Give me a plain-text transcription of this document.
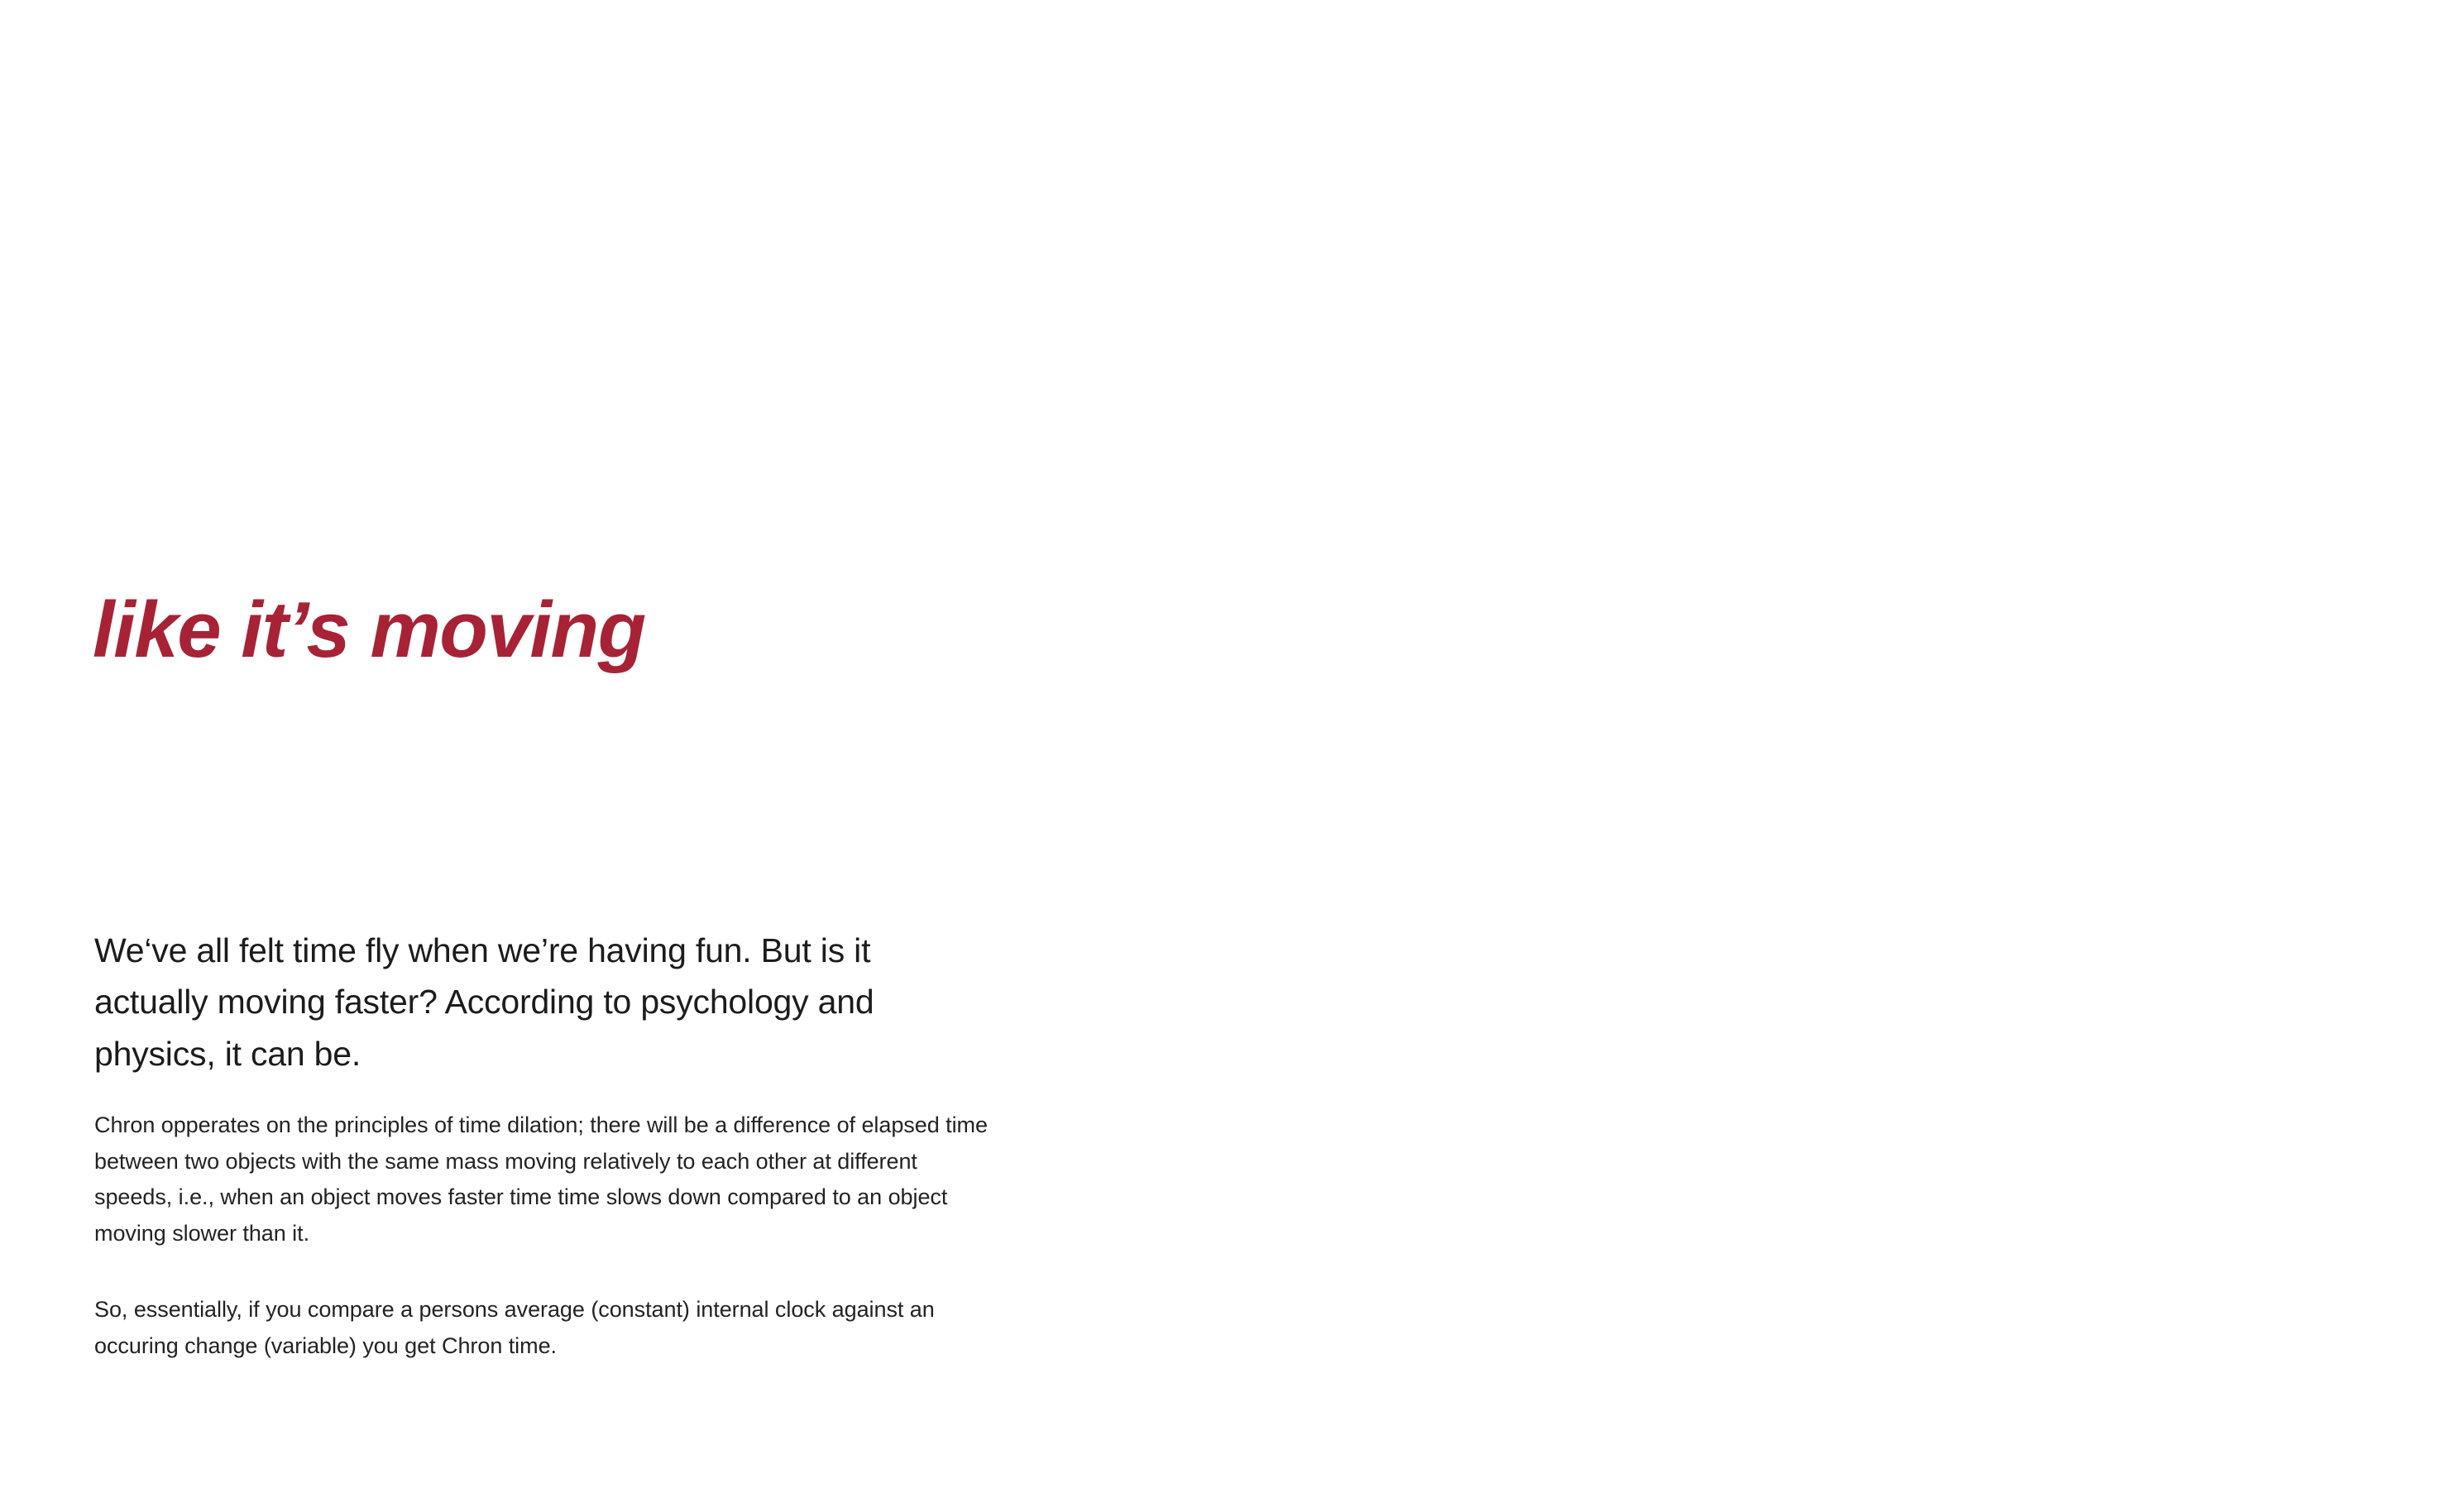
like it’s moving

We‘ve all felt time fly when we’re having fun. But is it actually moving faster? According to psychology and physics, it can be.

Chron opperates on the principles of time dilation; there will be a difference of elapsed time between two objects with the same mass moving relatively to each other at different speeds, i.e., when an object moves faster time time slows down compared to an object moving slower than it.

So, essentially, if you compare a persons average (constant) internal clock against an occuring change (variable) you get Chron time.
